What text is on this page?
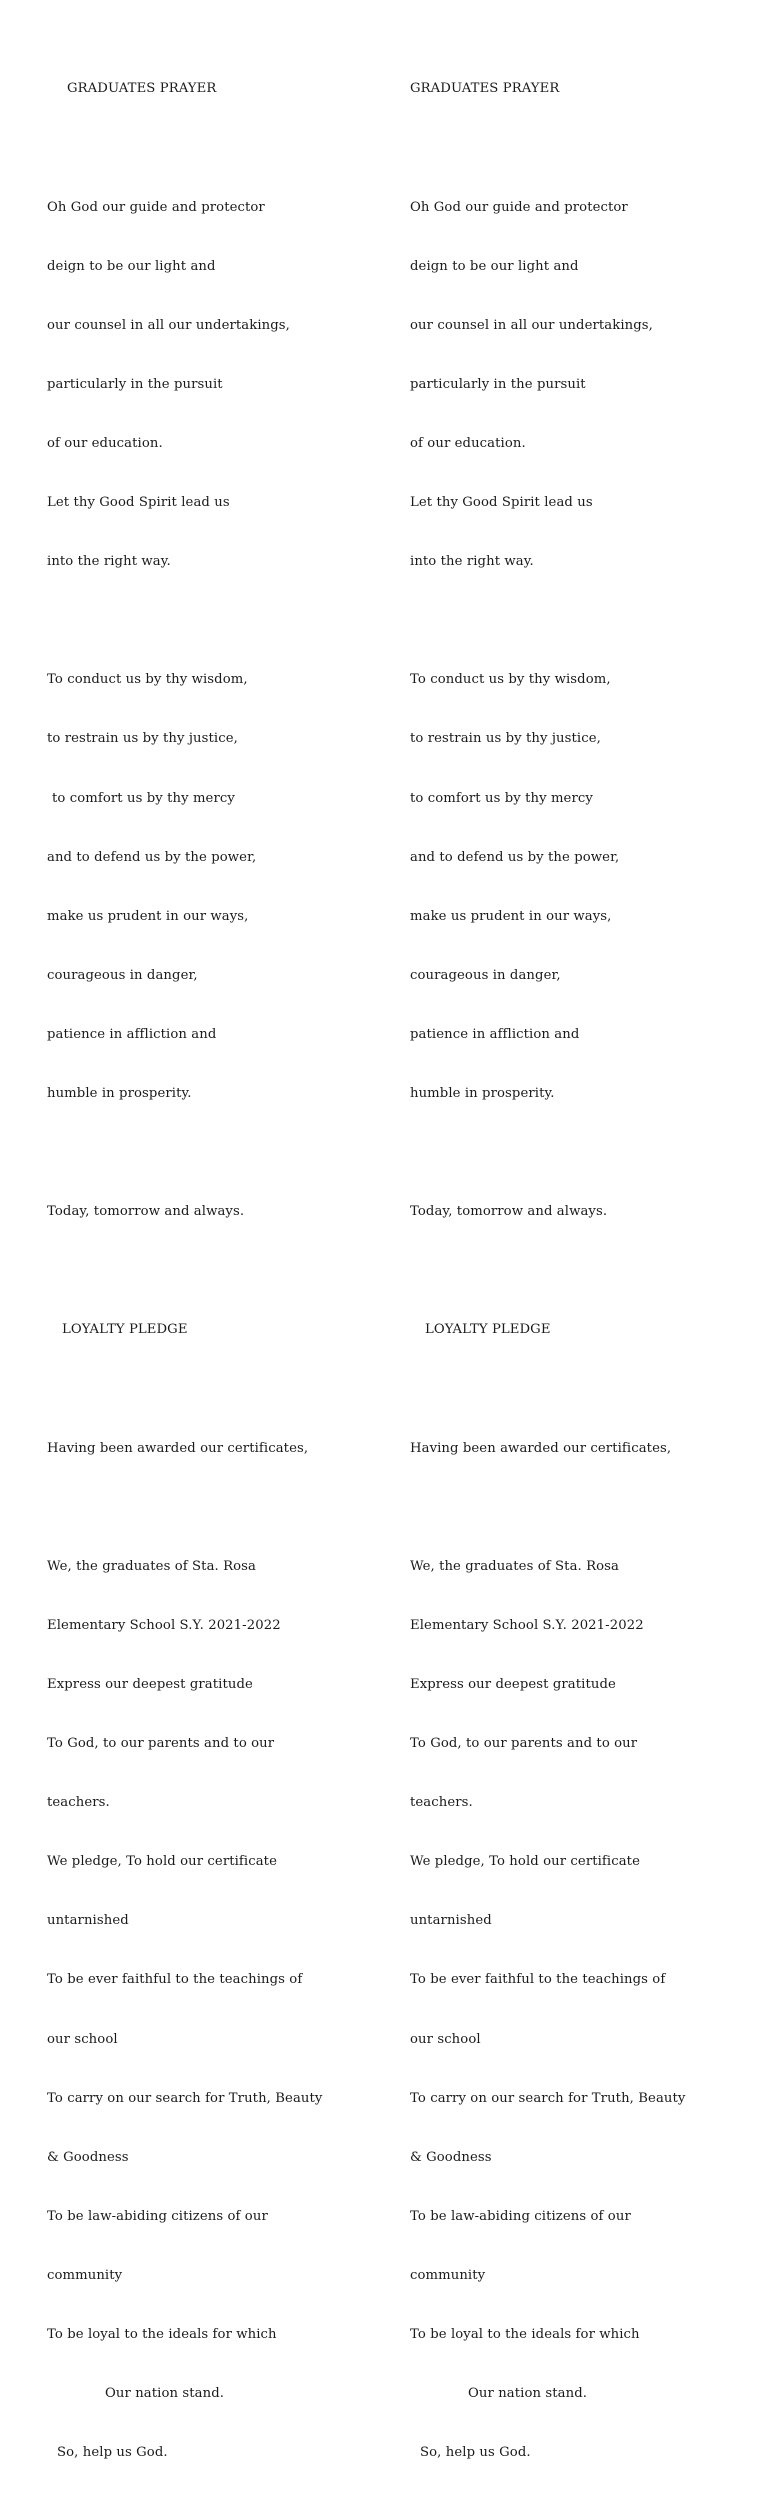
GRADUATES PRAYER

Oh God our guide and protector

deign to be our light and

our counsel in all our undertakings,

particularly in the pursuit

of our education.

Let thy Good Spirit lead us

into the right way.

To conduct us by thy wisdom,

to restrain us by thy justice,

to comfort us by thy mercy

and to defend us by the power,

make us prudent in our ways,

courageous in danger,

patience in affliction and

humble in prosperity.

Today, tomorrow and always.

LOYALTY PLEDGE

Having been awarded our certificates,

We, the graduates of Sta. Rosa

Elementary School S.Y. 2021-2022

Express our deepest gratitude

To God, to our parents and to our

teachers.

We pledge, To hold our certificate

untarnished

To be ever faithful to the teachings of

our school

To carry on our search for Truth, Beauty

& Goodness

To be law-abiding citizens of our

community

To be loyal to the ideals for which

Our nation stand.

So, help us God.

GRADUATES PRAYER

Oh God our guide and protector

deign to be our light and

our counsel in all our undertakings,

particularly in the pursuit

of our education.

Let thy Good Spirit lead us

into the right way.

To conduct us by thy wisdom,

to restrain us by thy justice,

to comfort us by thy mercy

and to defend us by the power,

make us prudent in our ways,

courageous in danger,

patience in affliction and

humble in prosperity.

Today, tomorrow and always.

LOYALTY PLEDGE

Having been awarded our certificates,

We, the graduates of Sta. Rosa

Elementary School S.Y. 2021-2022

Express our deepest gratitude

To God, to our parents and to our

teachers.

We pledge, To hold our certificate

untarnished

To be ever faithful to the teachings of

our school

To carry on our search for Truth, Beauty

& Goodness

To be law-abiding citizens of our

community

To be loyal to the ideals for which

Our nation stand.

So, help us God.
